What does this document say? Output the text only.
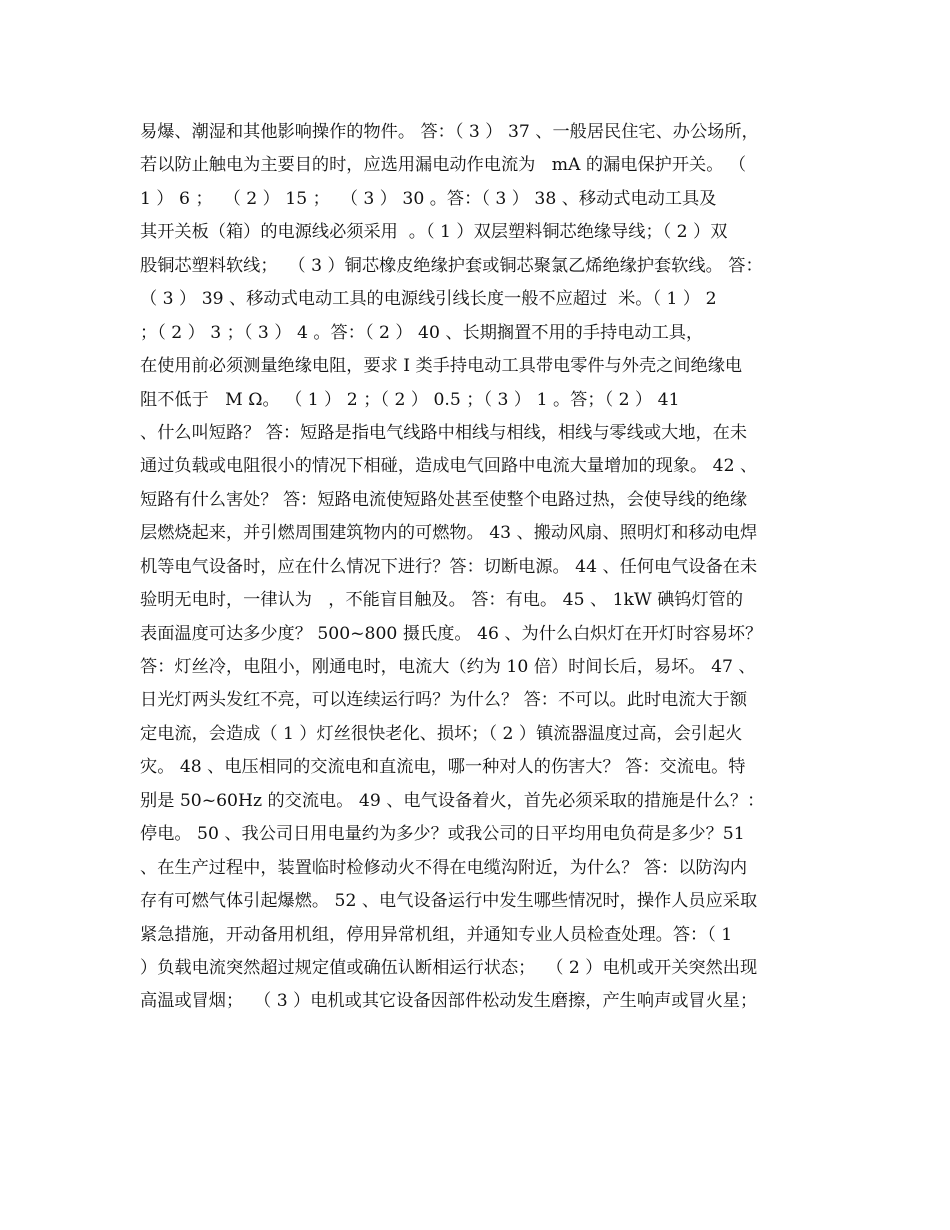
易爆、潮湿和其他影响操作的物件。 答：（ 3 ） 37 、一般居民住宅、办公场所，
若以防止触电为主要目的时，应选用漏电动作电流为   mA 的漏电保护开关。 （
1 ） 6 ；  （ 2 ） 15 ；  （ 3 ） 30 。答：（ 3 ） 38 、移动式电动工具及
其开关板（箱）的电源线必须采用  。（ 1 ）双层塑料铜芯绝缘导线；（ 2 ）双
股铜芯塑料软线；  （ 3 ）铜芯橡皮绝缘护套或铜芯聚氯乙烯绝缘护套软线。 答：
（ 3 ） 39 、移动式电动工具的电源线引线长度一般不应超过  米。（ 1 ） 2
；（ 2 ） 3 ；（ 3 ） 4 。答：（ 2 ） 40 、长期搁置不用的手持电动工具，
在使用前必须测量绝缘电阻，要求 I 类手持电动工具带电零件与外壳之间绝缘电
阻不低于   M Ω。 （ 1 ） 2 ；（ 2 ） 0.5 ；（ 3 ） 1 。答；（ 2 ） 41
、什么叫短路？ 答：短路是指电气线路中相线与相线，相线与零线或大地，在未
通过负载或电阻很小的情况下相碰，造成电气回路中电流大量增加的现象。 42 、
短路有什么害处？ 答：短路电流使短路处甚至使整个电路过热，会使导线的绝缘
层燃烧起来，并引燃周围建筑物内的可燃物。 43 、搬动风扇、照明灯和移动电焊
机等电气设备时，应在什么情况下进行？答：切断电源。 44 、任何电气设备在未
验明无电时，一律认为   ，不能盲目触及。 答：有电。 45 、 1kW 碘钨灯管的
表面温度可达多少度？ 500~800 摄氏度。 46 、为什么白炽灯在开灯时容易坏？
答：灯丝冷，电阻小，刚通电时，电流大（约为 10 倍）时间长后，易坏。 47 、
日光灯两头发红不亮，可以连续运行吗？为什么？ 答：不可以。此时电流大于额
定电流，会造成（ 1 ）灯丝很快老化、损坏；（ 2 ）镇流器温度过高，会引起火
灾。 48 、电压相同的交流电和直流电，哪一种对人的伤害大？ 答：交流电。特
别是 50~60Hz 的交流电。 49 、电气设备着火，首先必须采取的措施是什么？：
停电。 50 、我公司日用电量约为多少？或我公司的日平均用电负荷是多少？51
、在生产过程中，装置临时检修动火不得在电缆沟附近，为什么？ 答：以防沟内
存有可燃气体引起爆燃。 52 、电气设备运行中发生哪些情况时，操作人员应采取
紧急措施，开动备用机组，停用异常机组，并通知专业人员检查处理。答：（ 1
）负载电流突然超过规定值或确伍认断相运行状态；  （ 2 ）电机或开关突然出现
高温或冒烟；  （ 3 ）电机或其它设备因部件松动发生磨擦，产生响声或冒火星；
